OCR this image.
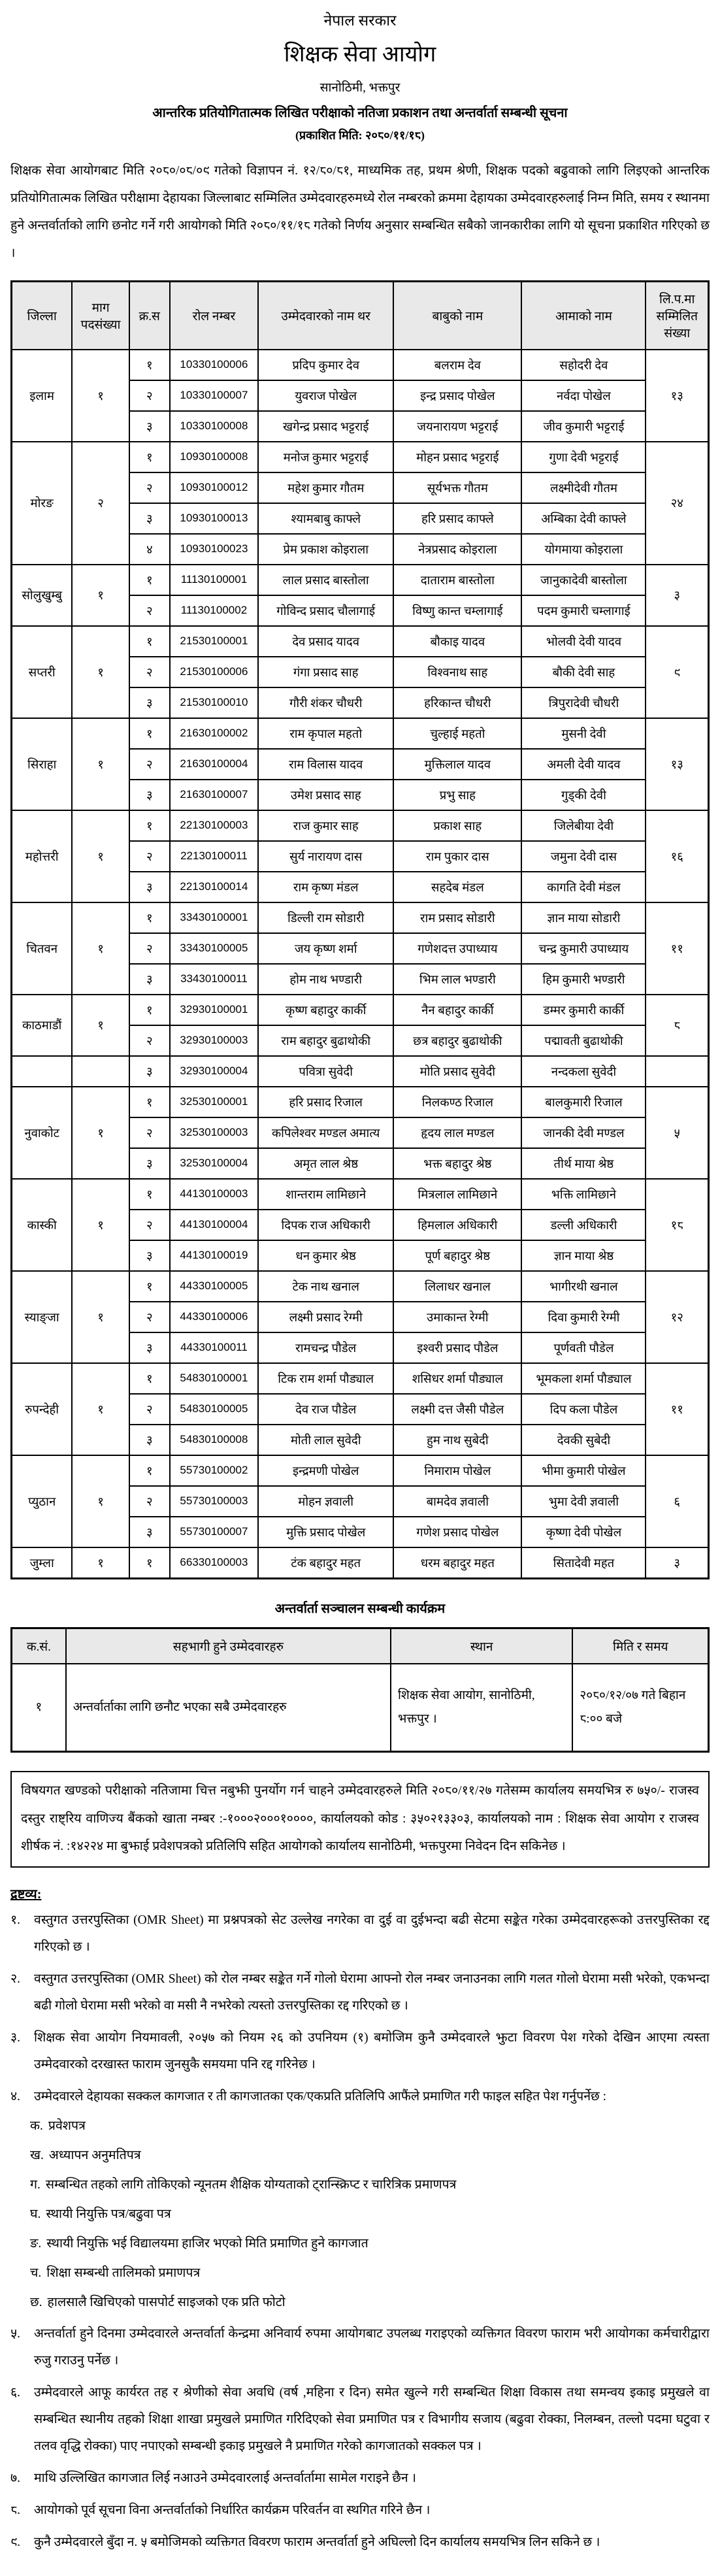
नेपाल सरकार
शिक्षक सेवा आयोग
सानोठिमी, भक्तपुर
आन्तरिक प्रतियोगितात्मक लिखित परीक्षाको नतिजा प्रकाशन तथा अन्तर्वार्ता सम्बन्धी सूचना
(प्रकाशित मिति: २०८०/११/१८)

शिक्षक सेवा आयोगबाट मिति २०८०/०८/०९ गतेको विज्ञापन नं. १२/८०/८१, माध्यमिक तह, प्रथम श्रेणी, शिक्षक पदको बढुवाको लागि लिइएको आन्तरिक प्रतियोगितात्मक लिखित परीक्षामा देहायका जिल्लाबाट सम्मिलित उम्मेदवारहरुमध्ये रोल नम्बरको क्रममा देहायका उम्मेदवारहरुलाई निम्न मिति, समय र स्थानमा हुने अन्तर्वार्ताको लागि छनोट गर्ने गरी आयोगको मिति २०८०/११/१८ गतेको निर्णय अनुसार सम्बन्धित सबैको जानकारीका लागि यो सूचना प्रकाशित गरिएको छ ।

जिल्ला	माग पदसंख्या	क्र.स	रोल नम्बर	उम्मेदवारको नाम थर	बाबुको नाम	आमाको नाम	लि.प.मा सम्मिलित संख्या
इलाम	१	१	10330100006	प्रदिप कुमार देव	बलराम देव	सहोदरी देव	१३
		२	10330100007	युवराज पोखेल	इन्द्र प्रसाद पोखेल	नर्वदा पोखेल	
		३	10330100008	खगेन्द्र प्रसाद भट्टराई	जयनारायण भट्टराई	जीव कुमारी भट्टराई	
मोरङ	२	१	10930100008	मनोज कुमार भट्टराई	मोहन प्रसाद भट्टराई	गुणा देवी भट्टराई	२४
		२	10930100012	महेश कुमार गौतम	सूर्यभक्त गौतम	लक्ष्मीदेवी गौतम	
		३	10930100013	श्यामबाबु काफ्ले	हरि प्रसाद काफ्ले	अम्बिका देवी काफ्ले	
		४	10930100023	प्रेम प्रकाश कोइराला	नेत्रप्रसाद कोइराला	योगमाया कोइराला	
सोलुखुम्बु	१	१	11130100001	लाल प्रसाद बास्तोला	दाताराम बास्तोला	जानुकादेवी बास्तोला	३
		२	11130100002	गोविन्द प्रसाद चौलागाई	विष्णु कान्त चम्लागाई	पदम कुमारी चम्लागाई	
सप्तरी	१	१	21530100001	देव प्रसाद यादव	बौकाइ यादव	भोलवी देवी यादव	९
		२	21530100006	गंगा प्रसाद साह	विश्वनाथ साह	बौकी देवी साह	
		३	21530100010	गौरी शंकर चौधरी	हरिकान्त चौधरी	त्रिपुरादेवी चौधरी	
सिराहा	१	१	21630100002	राम कृपाल महतो	चुल्हाई महतो	मुसनी देवी	१३
		२	21630100004	राम विलास यादव	मुक्तिलाल यादव	अमली देवी यादव	
		३	21630100007	उमेश प्रसाद साह	प्रभु साह	गुड्की देवी	
महोत्तरी	१	१	22130100003	राज कुमार साह	प्रकाश साह	जिलेबीया देवी	१६
		२	22130100011	सुर्य नारायण दास	राम पुकार दास	जमुना देवी दास	
		३	22130100014	राम कृष्ण मंडल	सहदेब मंडल	कागति देवी मंडल	
चितवन	१	१	33430100001	डिल्ली राम सोडारी	राम प्रसाद सोडारी	ज्ञान माया सोडारी	११
		२	33430100005	जय कृष्ण शर्मा	गणेशदत्त उपाध्याय	चन्द्र कुमारी उपाध्याय	
		३	33430100011	होम नाथ भण्डारी	भिम लाल भण्डारी	हिम कुमारी भण्डारी	
काठमाडौं	१	१	32930100001	कृष्ण बहादुर कार्की	नैन बहादुर कार्की	डम्मर कुमारी कार्की	८
		२	32930100003	राम बहादुर बुढाथोकी	छत्र बहादुर बुढाथोकी	पद्मावती बुढाथोकी	
		३	32930100004	पवित्रा सुवेदी	मोति प्रसाद सुवेदी	नन्दकला सुवेदी	
नुवाकोट	१	१	32530100001	हरि प्रसाद रिजाल	निलकण्ठ रिजाल	बालकुमारी रिजाल	५
		२	32530100003	कपिलेश्वर मण्डल अमात्य	हृदय लाल मण्डल	जानकी देवी मण्डल	
		३	32530100004	अमृत लाल श्रेष्ठ	भक्त बहादुर श्रेष्ठ	तीर्थ माया श्रेष्ठ	
कास्की	१	१	44130100003	शान्तराम लामिछाने	मित्रलाल लामिछाने	भक्ति लामिछाने	१८
		२	44130100004	दिपक राज अधिकारी	हिमलाल अधिकारी	डल्ली अधिकारी	
		३	44130100019	धन कुमार श्रेष्ठ	पूर्ण बहादुर श्रेष्ठ	ज्ञान माया श्रेष्ठ	
स्याङ्जा	१	१	44330100005	टेक नाथ खनाल	लिलाधर खनाल	भागीरथी खनाल	१२
		२	44330100006	लक्ष्मी प्रसाद रेग्मी	उमाकान्त रेग्मी	दिवा कुमारी रेग्मी	
		३	44330100011	रामचन्द्र पौडेल	इश्वरी प्रसाद पौडेल	पूर्णवती पौडेल	
रुपन्देही	१	१	54830100001	टिक राम शर्मा पौड्याल	शसिधर शर्मा पौड्याल	भूमकला शर्मा पौड्याल	११
		२	54830100005	देव राज पौडेल	लक्ष्मी दत्त जैसी पौडेल	दिप कला पौडेल	
		३	54830100008	मोती लाल सुवेदी	हुम नाथ सुबेदी	देवकी सुबेदी	
प्युठान	१	१	55730100002	इन्द्रमणी पोखेल	निमाराम पोखेल	भीमा कुमारी पोखेल	६
		२	55730100003	मोहन ज्ञवाली	बामदेव ज्ञवाली	भुमा देवी ज्ञवाली	
		३	55730100007	मुक्ति प्रसाद पोखेल	गणेश प्रसाद पोखेल	कृष्णा देवी पोखेल	
जुम्ला	१	१	66330100003	टंक बहादुर महत	धरम बहादुर महत	सितादेवी महत	३
अन्तर्वार्ता सञ्चालन सम्बन्धी कार्यक्रम
क.सं.	सहभागी हुने उम्मेदवारहरु	स्थान	मिति र समय
१	अन्तर्वार्ताका लागि छनौट भएका सबै उम्मेदवारहरु	शिक्षक सेवा आयोग, सानोठिमी, भक्तपुर ।	२०८०/१२/०७ गते बिहान ८:०० बजे
विषयगत खण्डको परीक्षाको नतिजामा चित्त नबुझी पुनर्योग गर्न चाहने उम्मेदवारहरुले मिति २०८०/११/२७ गतेसम्म कार्यालय समयभित्र रु ७५०/- राजस्व दस्तुर राष्ट्रिय वाणिज्य बैंकको खाता नम्बर :-१०००२०००१००००, कार्यालयको कोड : ३५०२१३३०३, कार्यालयको नाम : शिक्षक सेवा आयोग र राजस्व शीर्षक नं. :१४२२४ मा बुझाई प्रवेशपत्रको प्रतिलिपि सहित आयोगको कार्यालय सानोठिमी, भक्तपुरमा निवेदन दिन सकिनेछ ।
द्रष्टव्य:
१.	वस्तुगत उत्तरपुस्तिका (OMR Sheet) मा प्रश्नपत्रको सेट उल्लेख नगरेका वा दुई वा दुईभन्दा बढी सेटमा सङ्केत गरेका उम्मेदवारहरूको उत्तरपुस्तिका रद्द गरिएको छ ।
२.	वस्तुगत उत्तरपुस्तिका (OMR Sheet) को रोल नम्बर सङ्केत गर्ने गोलो घेरामा आफ्नो रोल नम्बर जनाउनका लागि गलत गोलो घेरामा मसी भरेको, एकभन्दा बढी गोलो घेरामा मसी भरेको वा मसी नै नभरेको त्यस्तो उत्तरपुस्तिका रद्द गरिएको छ ।
३.	शिक्षक सेवा आयोग नियमावली, २०५७ को नियम २६ को उपनियम (१) बमोजिम कुनै उम्मेदवारले झुटा विवरण पेश गरेको देखिन आएमा त्यस्ता उम्मेदवारको दरखास्त फाराम जुनसुकै समयमा पनि रद्द गरिनेछ ।
४.	उम्मेदवारले देहायका सक्कल कागजात र ती कागजातका एक/एकप्रति प्रतिलिपि आफैंले प्रमाणित गरी फाइल सहित पेश गर्नुपर्नेछ :
क. प्रवेशपत्र
ख. अध्यापन अनुमतिपत्र
ग. सम्बन्धित तहको लागि तोकिएको न्यूनतम शैक्षिक योग्यताको ट्रान्स्क्रिप्ट र चारित्रिक प्रमाणपत्र
घ. स्थायी नियुक्ति पत्र/बढुवा पत्र
ङ. स्थायी नियुक्ति भई विद्यालयमा हाजिर भएको मिति प्रमाणित हुने कागजात
च. शिक्षा सम्बन्धी तालिमको प्रमाणपत्र
छ. हालसालै खिचिएको पासपोर्ट साइजको एक प्रति फोटो
५.	अन्तर्वार्ता हुने दिनमा उम्मेदवारले अन्तर्वार्ता केन्द्रमा अनिवार्य रुपमा आयोगबाट उपलब्ध गराइएको व्यक्तिगत विवरण फाराम भरी आयोगका कर्मचारीद्वारा रुजु गराउनु पर्नेछ ।
६.	उम्मेदवारले आफू कार्यरत तह र श्रेणीको सेवा अवधि (वर्ष ,महिना र दिन) समेत खुल्ने गरी सम्बन्धित शिक्षा विकास तथा समन्वय इकाइ प्रमुखले वा सम्बन्धित स्थानीय तहको शिक्षा शाखा प्रमुखले प्रमाणित गरिदिएको सेवा प्रमाणित पत्र र विभागीय सजाय (बढुवा रोक्का, निलम्बन, तल्लो पदमा घटुवा र तलव वृद्धि रोक्का) पाए नपाएको सम्बन्धी इकाइ प्रमुखले नै प्रमाणित गरेको कागजातको सक्कल पत्र ।
७.	माथि उल्लिखित कागजात लिई नआउने उम्मेदवारलाई अन्तर्वार्तामा सामेल गराइने छैन ।
८.	आयोगको पूर्व सूचना विना अन्तर्वार्ताको निर्धारित कार्यक्रम परिवर्तन वा स्थगित गरिने छैन ।
९.	कुनै उम्मेदवारले बुँदा न. ५ बमोजिमको व्यक्तिगत विवरण फाराम अन्तर्वार्ता हुने अघिल्लो दिन कार्यालय समयभित्र लिन सकिने छ ।
